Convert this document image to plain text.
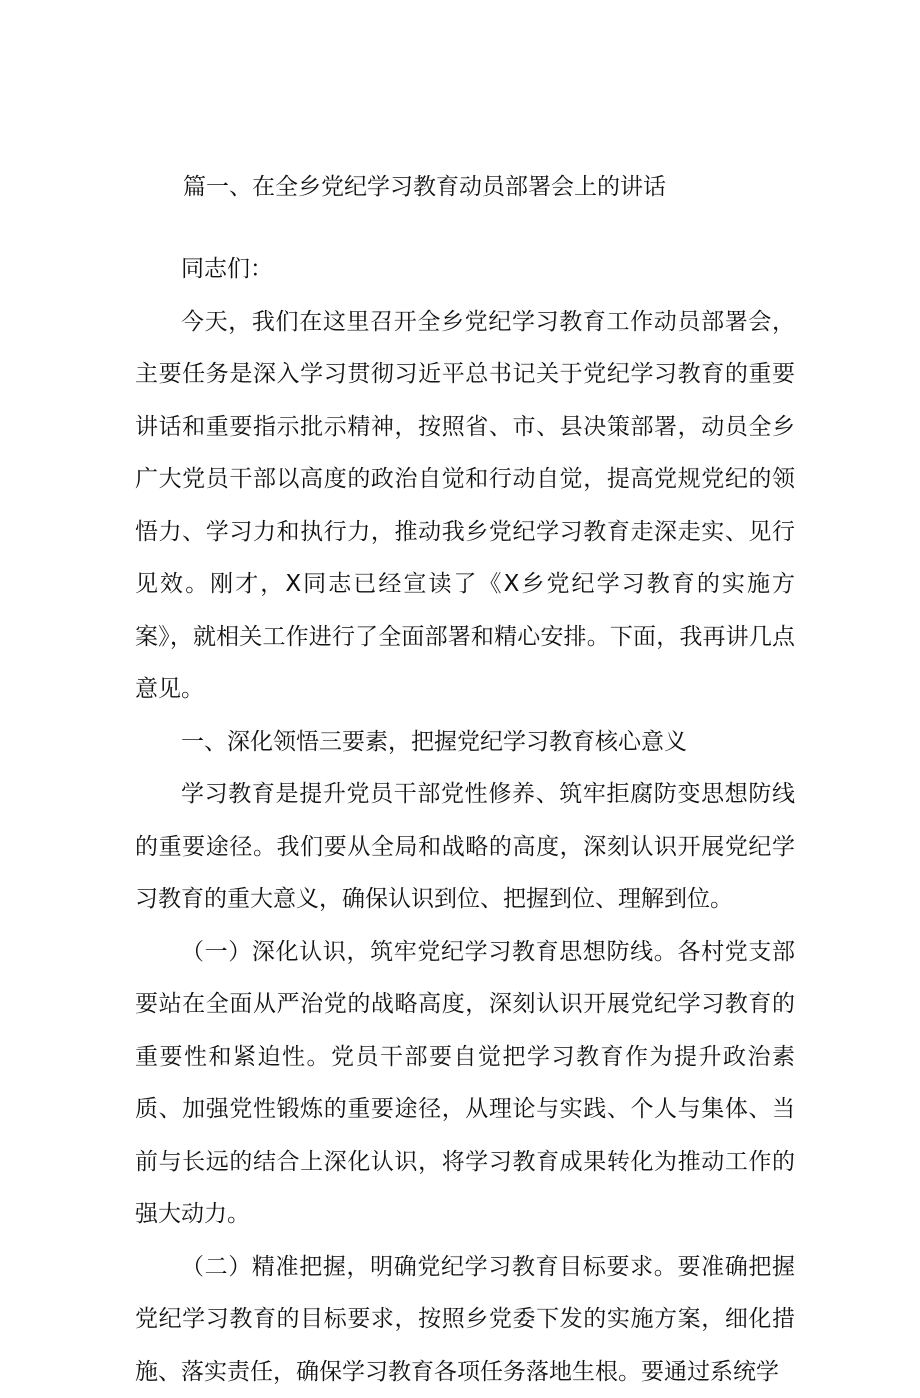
篇一、在全乡党纪学习教育动员部署会上的讲话

同志们：

今天，我们在这里召开全乡党纪学习教育工作动员部署会，主要任务是深入学习贯彻习近平总书记关于党纪学习教育的重要讲话和重要指示批示精神，按照省、市、县决策部署，动员全乡广大党员干部以高度的政治自觉和行动自觉，提高党规党纪的领悟力、学习力和执行力，推动我乡党纪学习教育走深走实、见行见效。刚才，X同志已经宣读了《X乡党纪学习教育的实施方案》，就相关工作进行了全面部署和精心安排。下面，我再讲几点意见。

一、深化领悟三要素，把握党纪学习教育核心意义

学习教育是提升党员干部党性修养、筑牢拒腐防变思想防线的重要途径。我们要从全局和战略的高度，深刻认识开展党纪学习教育的重大意义，确保认识到位、把握到位、理解到位。

（一）深化认识，筑牢党纪学习教育思想防线。各村党支部要站在全面从严治党的战略高度，深刻认识开展党纪学习教育的重要性和紧迫性。党员干部要自觉把学习教育作为提升政治素质、加强党性锻炼的重要途径，从理论与实践、个人与集体、当前与长远的结合上深化认识，将学习教育成果转化为推动工作的强大动力。

（二）精准把握，明确党纪学习教育目标要求。要准确把握党纪学习教育的目标要求，按照乡党委下发的实施方案，细化措施、落实责任，确保学习教育各项任务落地生根。要通过系统学
